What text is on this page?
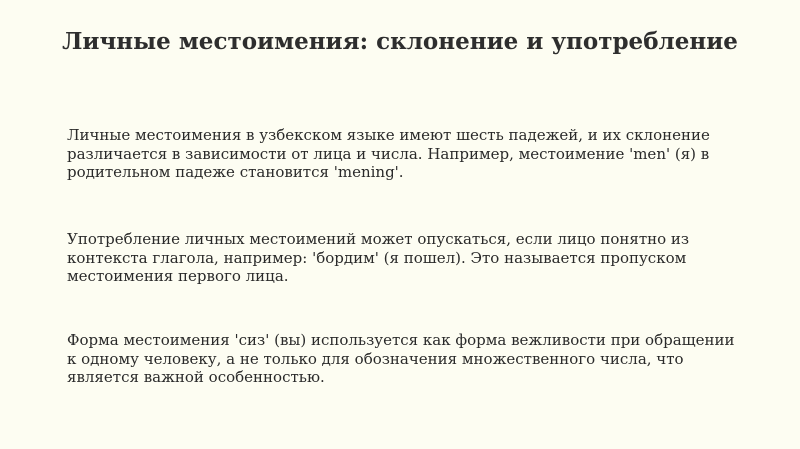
Личные местоимения: склонение и употребление

Личные местоимения в узбекском языке имеют шесть падежей, и их склонение различается в зависимости от лица и числа. Например, местоимение 'men' (я) в родительном падеже становится 'mening'.

Употребление личных местоимений может опускаться, если лицо понятно из контекста глагола, например: 'бордим' (я пошел). Это называется пропуском местоимения первого лица.

Форма местоимения 'сиз' (вы) используется как форма вежливости при обращении к одному человеку, а не только для обозначения множественного числа, что является важной особенностью.
